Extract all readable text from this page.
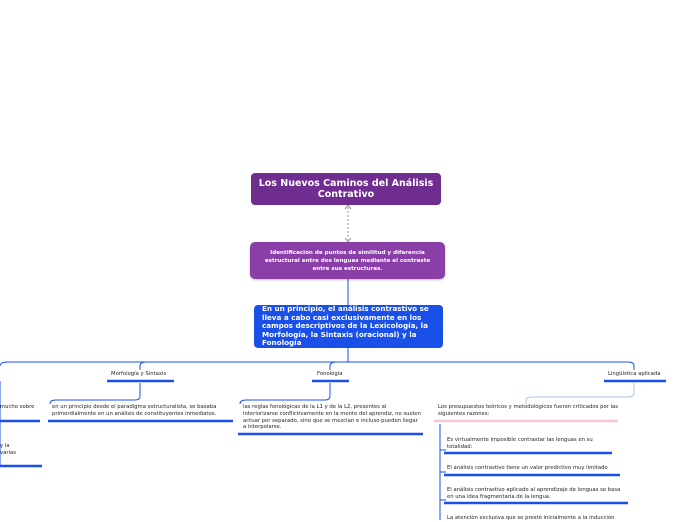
Los Nuevos Caminos del Análisis Contrativo
Identificación de puntos de similitud y diferencia estructural entre dos lenguas mediante el contraste entre sus estructuras.
En un principio, el análisis contrastivo se lleva a cabo casi exclusivamente en los campos descriptivos de la Lexicología, la Morfología, la Sintaxis (oracional) y la Fonología
Morfología y Sintaxis	Fonología	Lingüística aplicada
mucho sobre
y la
varias
en un principio desde el paradigma estructuralista, se basaba primordialmente en un análisis de constituyentes inmediatos.
las reglas fonológicas de la L1 y de la L2, presentes al interiorizarse conflictivamente en la mente del aprendiz, no suelen actuar por separado, sino que se mezclan e incluso pueden llegar a interpolarse.
Los presupuestos teóricos y metodológicos fueron criticados por las siguientes razones:
Es virtualmente imposible contrastar las lenguas en su totalidad:
El análisis contrastivo tiene un valor predictivo muy limitado
El análisis contrastivo aplicado al aprendizaje de lenguas se basa en una idea fragmentaria de la lengua.
La atención exclusiva que se prestó inicialmente a la inducción
